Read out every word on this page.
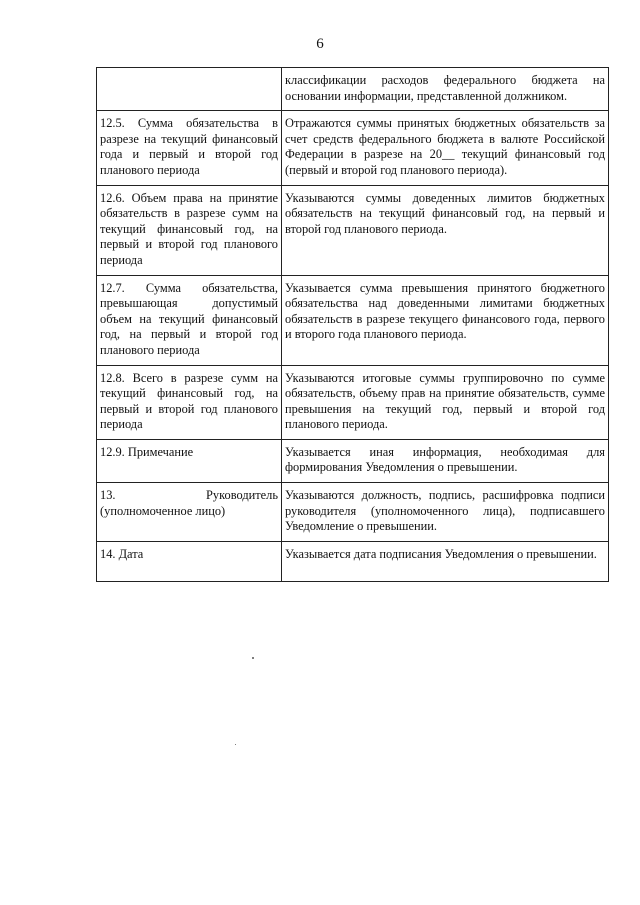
6
	классификации расходов федерального бюджета на основании информации, представленной должником.
12.5. Сумма обязательства в разрезе на текущий финансовый года и первый и второй год планового периода	Отражаются суммы принятых бюджетных обязательств за счет средств федерального бюджета в валюте Российской Федерации в разрезе на 20__ текущий финансовый год (первый и второй год планового периода).
12.6. Объем права на принятие обязательств в разрезе сумм на текущий финансовый год, на первый и второй год планового периода	Указываются суммы доведенных лимитов бюджетных обязательств на текущий финансовый год, на первый и второй год планового периода.
12.7. Сумма обязательства, превышающая допустимый объем на текущий финансовый год, на первый и второй год планового периода	Указывается сумма превышения принятого бюджетного обязательства над доведенными лимитами бюджетных обязательств в разрезе текущего финансового года, первого и второго года планового периода.
12.8. Всего в разрезе сумм на текущий финансовый год, на первый и второй год планового периода	Указываются итоговые суммы группировочно по сумме обязательств, объему прав на принятие обязательств, сумме превышения на текущий год, первый и второй год планового периода.
12.9. Примечание	Указывается иная информация, необходимая для формирования Уведомления о превышении.
13. Руководитель (уполномоченное лицо)	Указываются должность, подпись, расшифровка подписи руководителя (уполномоченного лица), подписавшего Уведомление о превышении.
14. Дата	Указывается дата подписания Уведомления о превышении.
